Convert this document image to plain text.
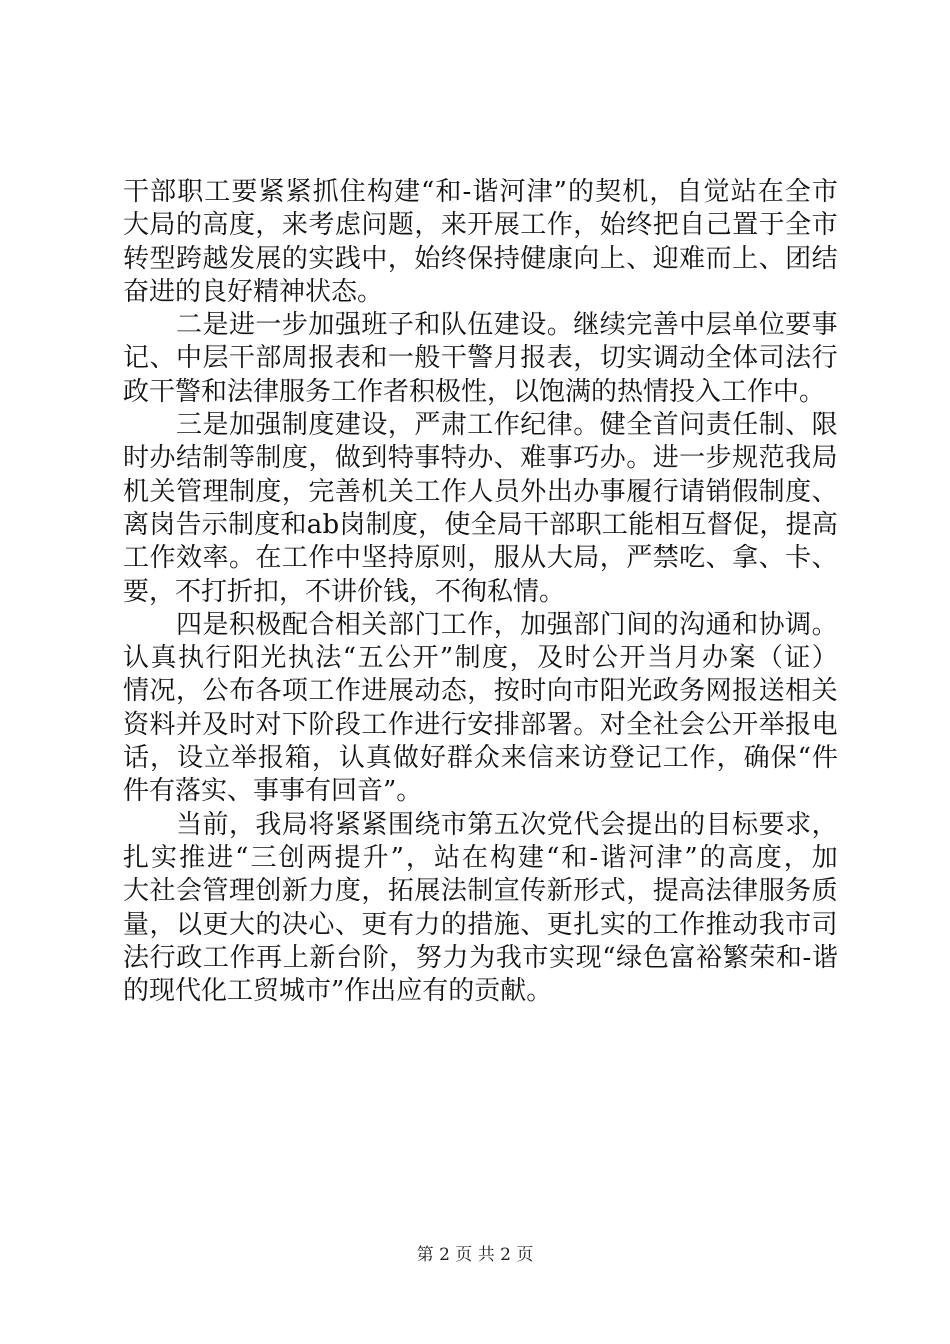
干 部 职 工 要 紧 紧 抓 住 构 建 “ 和 - 谐 河 津 ” 的 契 机 ， 自 觉 站 在 全 市
大 局 的 高 度 ， 来 考 虑 问 题 ， 来 开 展 工 作 ， 始 终 把 自 己 置 于 全 市
转 型 跨 越 发 展 的 实 践 中 ， 始 终 保 持 健 康 向 上 、 迎 难 而 上 、 团 结
奋进的良好精神状态。

二 是 进 一 步 加 强 班 子 和 队 伍 建 设 。 继 续 完 善 中 层 单 位 要 事
记 、 中 层 干 部 周 报 表 和 一 般 干 警 月 报 表 ， 切 实 调 动 全 体 司 法 行
政干警和法律服务工作者积极性，以饱满的热情投入工作中。

三 是 加 强 制 度 建 设 ， 严 肃 工 作 纪 律 。 健 全 首 问 责 任 制 、 限
时 办 结 制 等 制 度 ， 做 到 特 事 特 办 、 难 事 巧 办 。 进 一 步 规 范 我 局
机 关 管 理 制 度 ， 完 善 机 关 工 作 人 员 外 出 办 事 履 行 请 销 假 制 度 、
离 岗 告 示 制 度 和 a b 岗 制 度 ， 使 全 局 干 部 职 工 能 相 互 督 促 ， 提 高
工 作 效 率 。 在 工 作 中 坚 持 原 则 ， 服 从 大 局 ， 严 禁 吃 、 拿 、 卡 、
要，不打折扣，不讲价钱，不徇私情。

四 是 积 极 配 合 相 关 部 门 工 作 ， 加 强 部 门 间 的 沟 通 和 协 调 。
认 真 执 行 阳 光 执 法 “ 五 公 开 ” 制 度 ， 及 时 公 开 当 月 办 案 （ 证 ）
情 况 ， 公 布 各 项 工 作 进 展 动 态 ， 按 时 向 市 阳 光 政 务 网 报 送 相 关
资 料 并 及 时 对 下 阶 段 工 作 进 行 安 排 部 署 。 对 全 社 会 公 开 举 报 电
话 ， 设 立 举 报 箱 ， 认 真 做 好 群 众 来 信 来 访 登 记 工 作 ， 确 保 “ 件
件有落实、事事有回音”。

当 前 ， 我 局 将 紧 紧 围 绕 市 第 五 次 党 代 会 提 出 的 目 标 要 求 ，
扎 实 推 进 “ 三 创 两 提 升 ” ， 站 在 构 建 “ 和 - 谐 河 津 ” 的 高 度 ， 加
大 社 会 管 理 创 新 力 度 ， 拓 展 法 制 宣 传 新 形 式 ， 提 高 法 律 服 务 质
量 ， 以 更 大 的 决 心 、 更 有 力 的 措 施 、 更 扎 实 的 工 作 推 动 我 市 司
法 行 政 工 作 再 上 新 台 阶 ， 努 力 为 我 市 实 现 “ 绿 色 富 裕 繁 荣 和 - 谐
的现代化工贸城市”作出应有的贡献。
第 2 页 共 2 页
